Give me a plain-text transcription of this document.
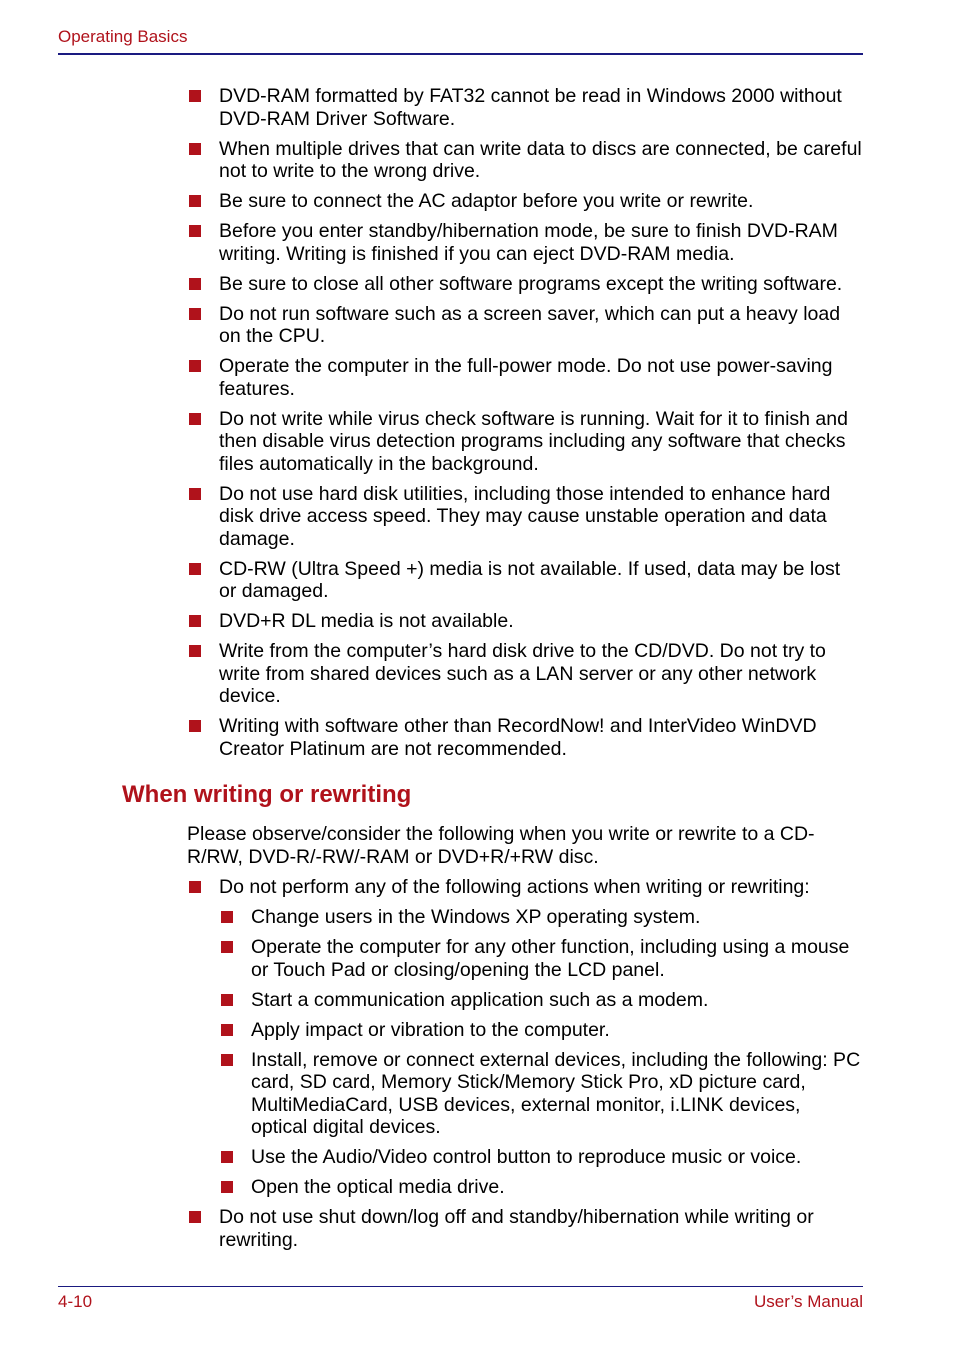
Operating Basics
DVD-RAM formatted by FAT32 cannot be read in Windows 2000 without DVD-RAM Driver Software.
When multiple drives that can write data to discs are connected, be careful not to write to the wrong drive.
Be sure to connect the AC adaptor before you write or rewrite.
Before you enter standby/hibernation mode, be sure to finish DVD-RAM writing. Writing is finished if you can eject DVD-RAM media.
Be sure to close all other software programs except the writing software.
Do not run software such as a screen saver, which can put a heavy load on the CPU.
Operate the computer in the full-power mode. Do not use power-saving features.
Do not write while virus check software is running. Wait for it to finish and then disable virus detection programs including any software that checks files automatically in the background.
Do not use hard disk utilities, including those intended to enhance hard disk drive access speed. They may cause unstable operation and data damage.
CD-RW (Ultra Speed +) media is not available. If used, data may be lost or damaged.
DVD+R DL media is not available.
Write from the computer’s hard disk drive to the CD/DVD. Do not try to write from shared devices such as a LAN server or any other network device.
Writing with software other than RecordNow! and InterVideo WinDVD Creator Platinum are not recommended.
When writing or rewriting

Please observe/consider the following when you write or rewrite to a CD-R/RW, DVD-R/-RW/-RAM or DVD+R/+RW disc.

Do not perform any of the following actions when writing or rewriting:
Change users in the Windows XP operating system.
Operate the computer for any other function, including using a mouse or Touch Pad or closing/opening the LCD panel.
Start a communication application such as a modem.
Apply impact or vibration to the computer.
Install, remove or connect external devices, including the following: PC card, SD card, Memory Stick/Memory Stick Pro, xD picture card, MultiMediaCard, USB devices, external monitor, i.LINK devices, optical digital devices.
Use the Audio/Video control button to reproduce music or voice.
Open the optical media drive.
Do not use shut down/log off and standby/hibernation while writing or rewriting.
4-10	User’s Manual
